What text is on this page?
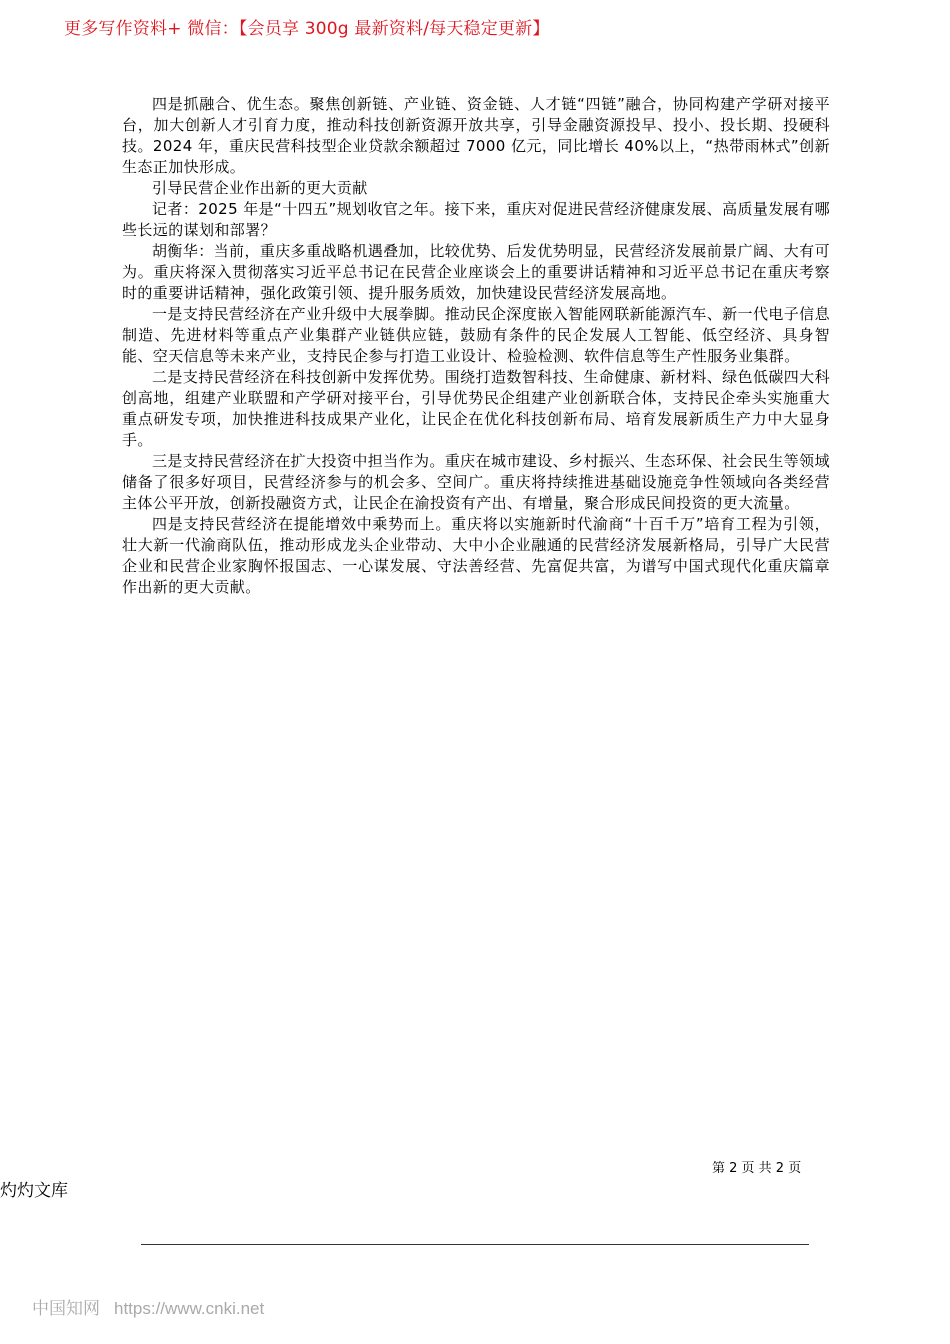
更多写作资料+ 微信：【会员享 300g 最新资料/每天稳定更新】

四是抓融合、优生态。聚焦创新链、产业链、资金链、人才链“四链”融合，协同构建产学研对接平台，加大创新人才引育力度，推动科技创新资源开放共享，引导金融资源投早、投小、投长期、投硬科技。2024 年，重庆民营科技型企业贷款余额超过 7000 亿元，同比增长 40%以上，“热带雨林式”创新生态正加快形成。

引导民营企业作出新的更大贡献

记者：2025 年是“十四五”规划收官之年。接下来，重庆对促进民营经济健康发展、高质量发展有哪些长远的谋划和部署？

胡衡华：当前，重庆多重战略机遇叠加，比较优势、后发优势明显，民营经济发展前景广阔、大有可为。重庆将深入贯彻落实习近平总书记在民营企业座谈会上的重要讲话精神和习近平总书记在重庆考察时的重要讲话精神，强化政策引领、提升服务质效，加快建设民营经济发展高地。

一是支持民营经济在产业升级中大展拳脚。推动民企深度嵌入智能网联新能源汽车、新一代电子信息制造、先进材料等重点产业集群产业链供应链，鼓励有条件的民企发展人工智能、低空经济、具身智能、空天信息等未来产业，支持民企参与打造工业设计、检验检测、软件信息等生产性服务业集群。

二是支持民营经济在科技创新中发挥优势。围绕打造数智科技、生命健康、新材料、绿色低碳四大科创高地，组建产业联盟和产学研对接平台，引导优势民企组建产业创新联合体，支持民企牵头实施重大重点研发专项，加快推进科技成果产业化，让民企在优化科技创新布局、培育发展新质生产力中大显身手。

三是支持民营经济在扩大投资中担当作为。重庆在城市建设、乡村振兴、生态环保、社会民生等领域储备了很多好项目，民营经济参与的机会多、空间广。重庆将持续推进基础设施竞争性领域向各类经营主体公平开放，创新投融资方式，让民企在渝投资有产出、有增量，聚合形成民间投资的更大流量。

四是支持民营经济在提能增效中乘势而上。重庆将以实施新时代渝商“十百千万”培育工程为引领，壮大新一代渝商队伍，推动形成龙头企业带动、大中小企业融通的民营经济发展新格局，引导广大民营企业和民营企业家胸怀报国志、一心谋发展、守法善经营、先富促共富，为谱写中国式现代化重庆篇章作出新的更大贡献。

第 2 页 共 2 页
灼灼文库
中国知网 https://www.cnki.net
